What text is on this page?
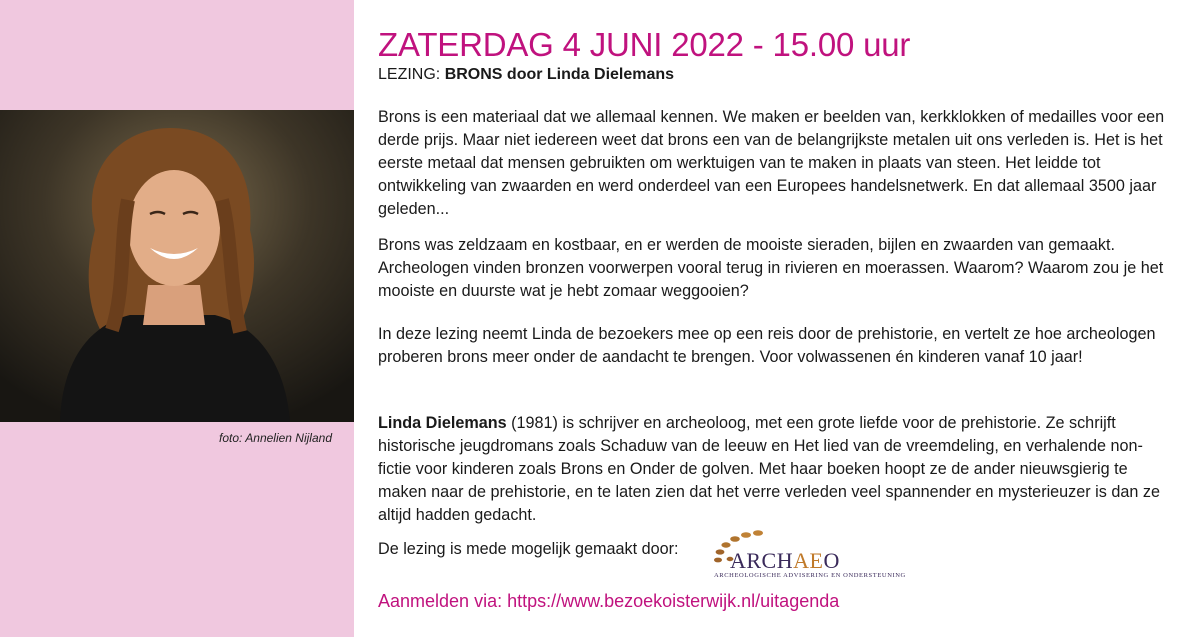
foto: Annelien Nijland
ZATERDAG 4 JUNI 2022 - 15.00 uur
LEZING: BRONS door Linda Dielemans

Brons is een materiaal dat we allemaal kennen. We maken er beelden van, kerkklokken of medailles voor een derde prijs. Maar niet iedereen weet dat brons een van de belangrijkste metalen uit ons verleden is. Het is het eerste metaal dat mensen gebruikten om werktuigen van te maken in plaats van steen. Het leidde tot ontwikkeling van zwaarden en werd onderdeel van een Europees handelsnetwerk. En dat allemaal 3500 jaar geleden...

Brons was zeldzaam en kostbaar, en er werden de mooiste sieraden, bijlen en zwaarden van gemaakt. Archeologen vinden bronzen voorwerpen vooral terug in rivieren en moerassen. Waarom? Waarom zou je het mooiste en duurste wat je hebt zomaar weggooien?

In deze lezing neemt Linda de bezoekers mee op een reis door de prehistorie, en vertelt ze hoe archeologen proberen brons meer onder de aandacht te brengen. Voor volwassenen én kinderen vanaf 10 jaar!

Linda Dielemans (1981) is schrijver en archeoloog, met een grote liefde voor de prehistorie. Ze schrijft historische jeugdromans zoals Schaduw van de leeuw en Het lied van de vreemdeling, en verhalende non-fictie voor kinderen zoals Brons en Onder de golven. Met haar boeken hoopt ze de ander nieuwsgierig te maken naar de prehistorie, en te laten zien dat het verre verleden veel spannender en mysterieuzer is dan ze altijd hadden gedacht.

De lezing is mede mogelijk gemaakt door: ARCHAEO
ARCHEOLOGISCHE ADVISERING EN ONDERSTEUNING
Aanmelden via: https://www.bezoekoisterwijk.nl/uitagenda
